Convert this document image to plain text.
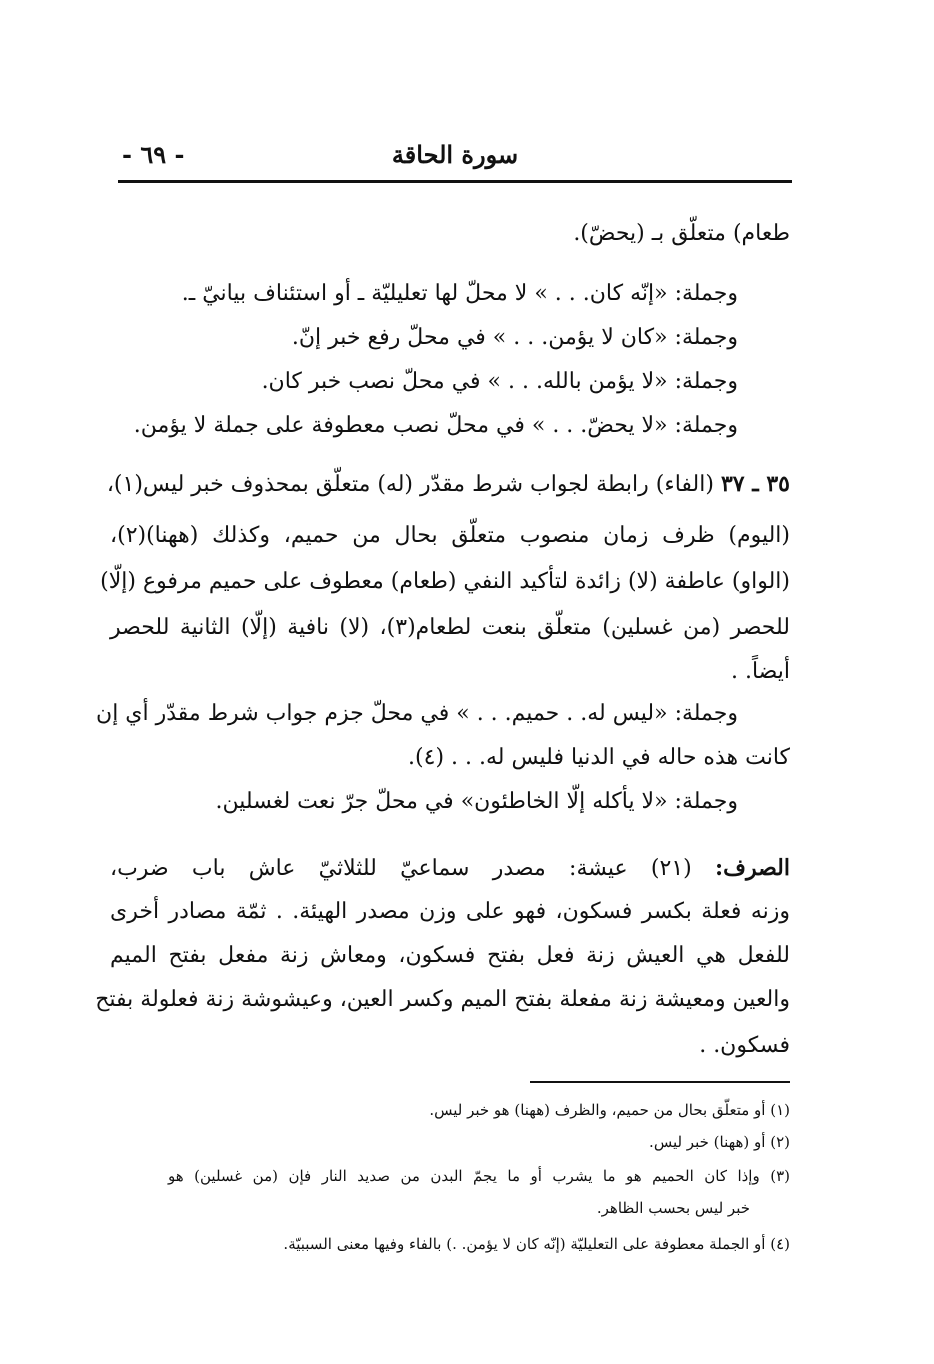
سورة الحاقة
- ٦٩ -
طعام) متعلّق بـ (يحضّ).
وجملة: «إنّه كان. . . » لا محلّ لها تعليليّة ـ أو استئناف بيانيّ ـ.
وجملة: «كان لا يؤمن. . . » في محلّ رفع خبر إنّ.
وجملة: «لا يؤمن بالله. . . » في محلّ نصب خبر كان.
وجملة: «لا يحضّ. . . » في محلّ نصب معطوفة على جملة لا يؤمن.
٣٥ ـ ٣٧ (الفاء) رابطة لجواب شرط مقدّر (له) متعلّق بمحذوف خبر ليس(١)،
(اليوم) ظرف زمان منصوب متعلّق بحال من حميم، وكذلك (ههنا)(٢)،
(الواو) عاطفة (لا) زائدة لتأكيد النفي (طعام) معطوف على حميم مرفوع (إلّا)
للحصر (من غسلين) متعلّق بنعت لطعام(٣)، (لا) نافية (إلّا) الثانية للحصر
أيضاً. .
وجملة: «ليس له. . حميم. . . » في محلّ جزم جواب شرط مقدّر أي إن
كانت هذه حاله في الدنيا فليس له. . . (٤).
وجملة: «لا يأكله إلّا الخاطئون» في محلّ جرّ نعت لغسلين.
الصرف: (٢١) عيشة: مصدر سماعيّ للثلاثيّ عاش باب ضرب،
وزنه فعلة بكسر فسكون، فهو على وزن مصدر الهيئة. . ثمّة مصادر أخرى
للفعل هي العيش زنة فعل بفتح فسكون، ومعاش زنة مفعل بفتح الميم
والعين ومعيشة زنة مفعلة بفتح الميم وكسر العين، وعيشوشة زنة فعلولة بفتح
فسكون. .
(١) أو متعلّق بحال من حميم، والظرف (ههنا) هو خبر ليس.
(٢) أو (ههنا) خبر ليس.
(٣) وإذا كان الحميم هو ما يشرب أو ما يجمّ البدن من صديد النار فإن (من غسلين) هو
خبر ليس بحسب الظاهر.
(٤) أو الجملة معطوفة على التعليليّة (إنّه كان لا يؤمن. .) بالفاء وفيها معنى السببيّة.
